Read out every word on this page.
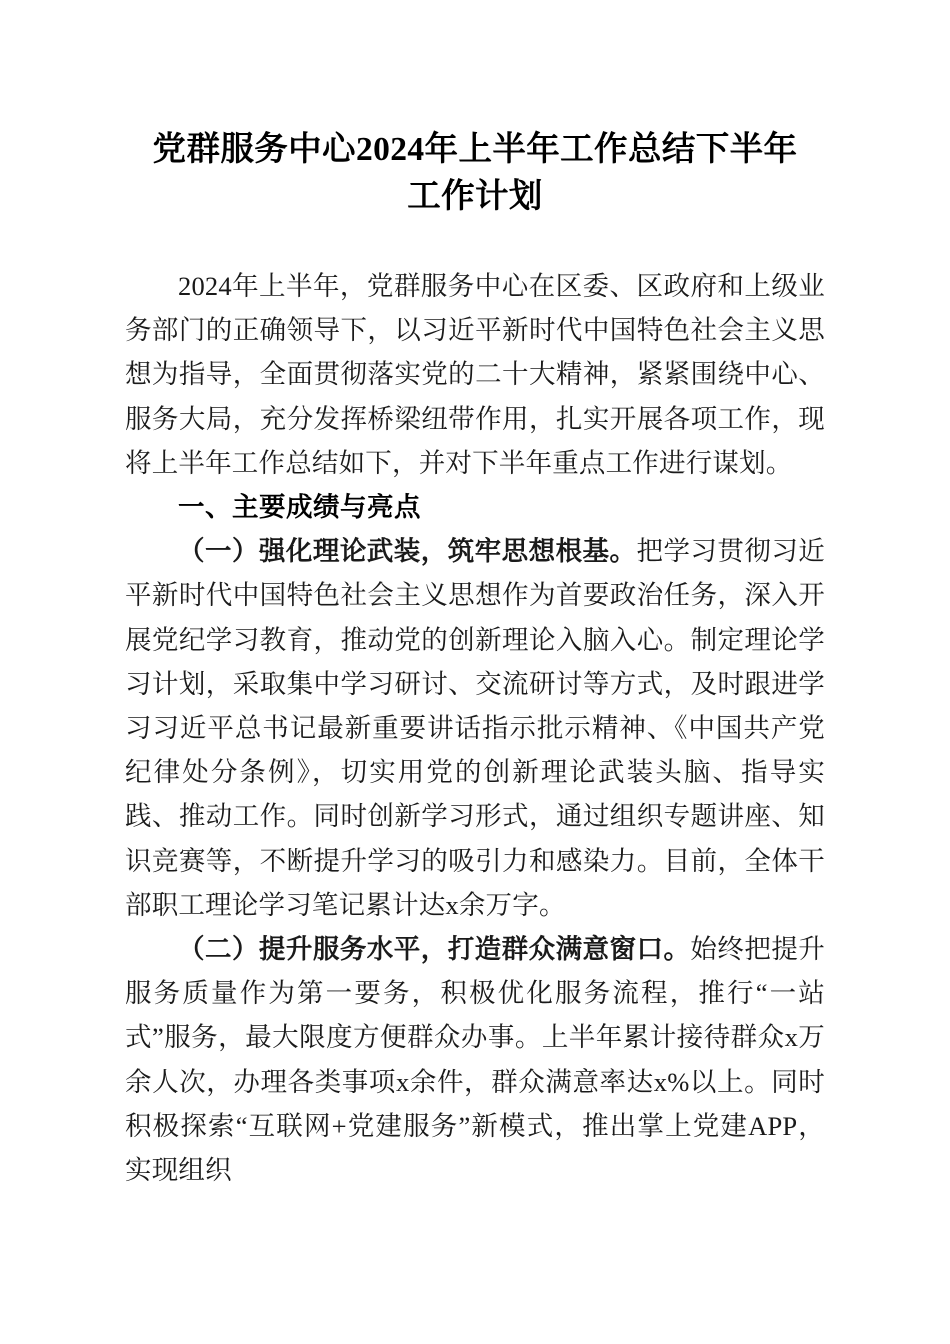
党群服务中心2024年上半年工作总结下半年
工作计划

2024年上半年，党群服务中心在区委、区政府和上级业务部门的正确领导下，以习近平新时代中国特色社会主义思想为指导，全面贯彻落实党的二十大精神，紧紧围绕中心、服务大局，充分发挥桥梁纽带作用，扎实开展各项工作，现将上半年工作总结如下，并对下半年重点工作进行谋划。

一、主要成绩与亮点

（一）强化理论武装，筑牢思想根基。把学习贯彻习近平新时代中国特色社会主义思想作为首要政治任务，深入开展党纪学习教育，推动党的创新理论入脑入心。制定理论学习计划，采取集中学习研讨、交流研讨等方式，及时跟进学习习近平总书记最新重要讲话指示批示精神、《中国共产党纪律处分条例》，切实用党的创新理论武装头脑、指导实践、推动工作。同时创新学习形式，通过组织专题讲座、知识竞赛等，不断提升学习的吸引力和感染力。目前，全体干部职工理论学习笔记累计达x余万字。

（二）提升服务水平，打造群众满意窗口。始终把提升服务质量作为第一要务，积极优化服务流程，推行“一站式”服务，最大限度方便群众办事。上半年累计接待群众x万余人次，办理各类事项x余件，群众满意率达x%以上。同时积极探索“互联网+党建服务”新模式，推出掌上党建APP，实现组织
